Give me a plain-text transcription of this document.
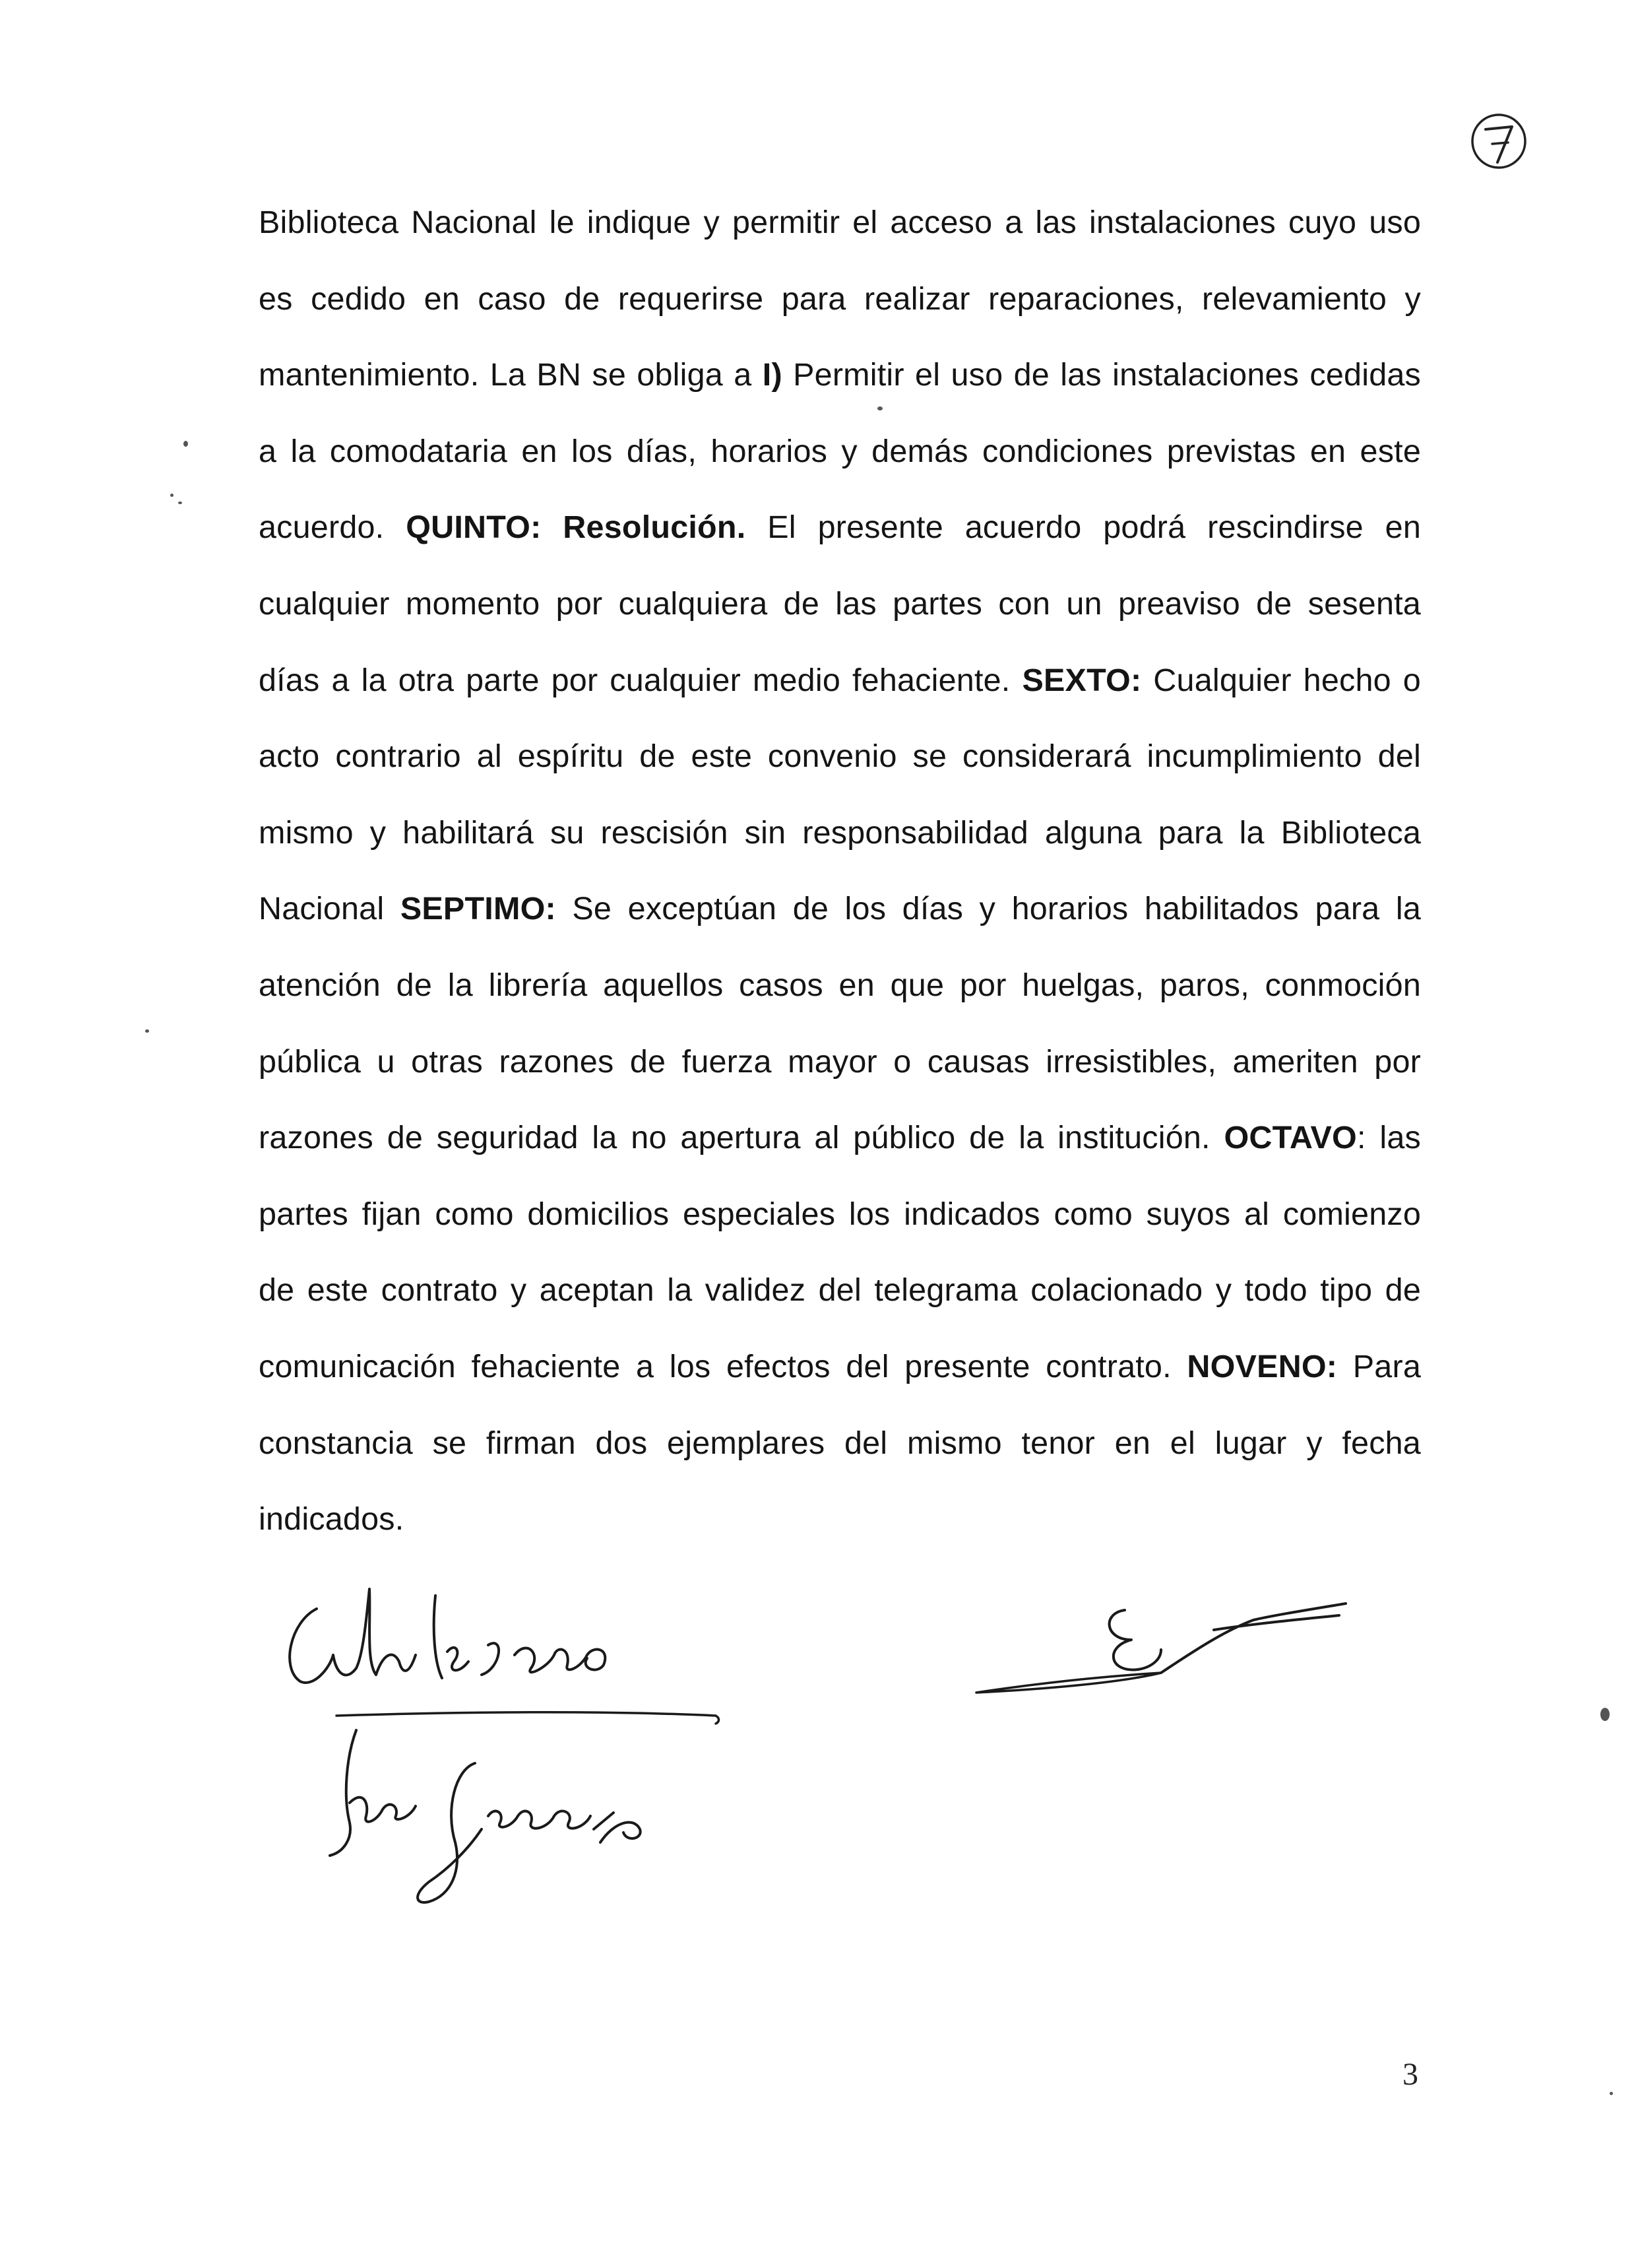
Biblioteca Nacional le indique y permitir el acceso a las instalaciones cuyo uso
es cedido en caso de requerirse para realizar reparaciones, relevamiento y
mantenimiento. La BN se obliga a I) Permitir el uso de las instalaciones cedidas
a la comodataria en los días, horarios y demás condiciones previstas en este
acuerdo. QUINTO: Resolución. El presente acuerdo podrá rescindirse en
cualquier momento por cualquiera de las partes con un preaviso de sesenta
días a la otra parte por cualquier medio fehaciente. SEXTO: Cualquier hecho o
acto contrario al espíritu de este convenio se considerará incumplimiento del
mismo y habilitará su rescisión sin responsabilidad alguna para la Biblioteca
Nacional SEPTIMO: Se exceptúan de los días y horarios habilitados para la
atención de la librería aquellos casos en que por huelgas, paros, conmoción
pública u otras razones de fuerza mayor o causas irresistibles, ameriten por
razones de seguridad la no apertura al público de la institución. OCTAVO: las
partes fijan como domicilios especiales los indicados como suyos al comienzo
de este contrato y aceptan la validez del telegrama colacionado y todo tipo de
comunicación fehaciente a los efectos del presente contrato. NOVENO: Para
constancia se firman dos ejemplares del mismo tenor en el lugar y fecha
indicados.
3
